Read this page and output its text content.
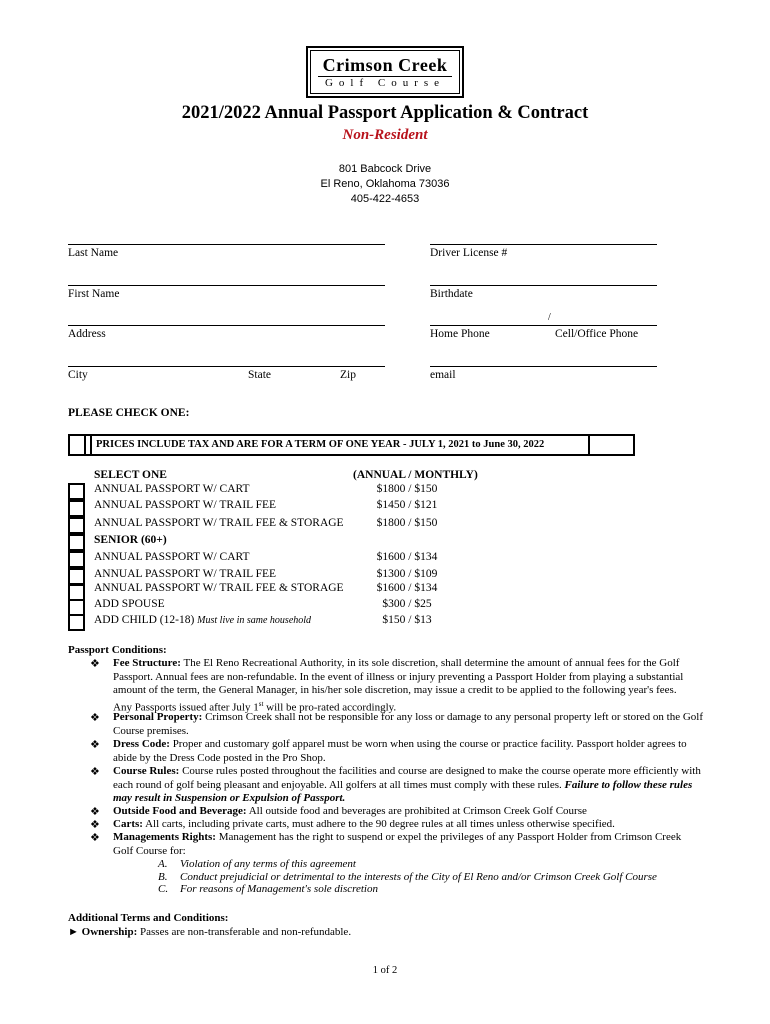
Crimson Creek
Golf Course
2021/2022 Annual Passport Application & Contract
Non-Resident
801 Babcock Drive
El Reno, Oklahoma 73036
405-422-4653
Last Name	Driver License #
First Name	Birthdate
/
Address	Home Phone	Cell/Office Phone
City	State	Zip	email
PLEASE CHECK ONE:
PRICES INCLUDE TAX AND ARE FOR A TERM OF ONE YEAR - JULY 1, 2021 to June 30, 2022
SELECT ONE	(ANNUAL / MONTHLY)
ANNUAL PASSPORT W/ CART	$1800 / $150
ANNUAL PASSPORT W/ TRAIL FEE	$1450 / $121
ANNUAL PASSPORT W/ TRAIL FEE & STORAGE	$1800 / $150
SENIOR (60+)
ANNUAL PASSPORT W/ CART	$1600 / $134
ANNUAL PASSPORT W/ TRAIL FEE	$1300 / $109
ANNUAL PASSPORT W/ TRAIL FEE & STORAGE	$1600 / $134
ADD SPOUSE	$300 / $25
ADD CHILD (12-18) Must live in same household	$150 / $13
Passport Conditions:
❖ Fee Structure: The El Reno Recreational Authority, in its sole discretion, shall determine the amount of annual fees for the Golf Passport. Annual fees are non-refundable. In the event of illness or injury preventing a Passport Holder from playing a substantial amount of the term, the General Manager, in his/her sole discretion, may issue a credit to be applied to the following year's fees.
Any Passports issued after July 1st will be pro-rated accordingly.
❖ Personal Property: Crimson Creek shall not be responsible for any loss or damage to any personal property left or stored on the Golf Course premises.
❖ Dress Code: Proper and customary golf apparel must be worn when using the course or practice facility. Passport holder agrees to abide by the Dress Code posted in the Pro Shop.
❖ Course Rules: Course rules posted throughout the facilities and course are designed to make the course operate more efficiently with each round of golf being pleasant and enjoyable. All golfers at all times must comply with these rules. Failure to follow these rules may result in Suspension or Expulsion of Passport.
❖ Outside Food and Beverage: All outside food and beverages are prohibited at Crimson Creek Golf Course
❖ Carts: All carts, including private carts, must adhere to the 90 degree rules at all times unless otherwise specified.
❖ Managements Rights: Management has the right to suspend or expel the privileges of any Passport Holder from Crimson Creek Golf Course for:
A. Violation of any terms of this agreement
B. Conduct prejudicial or detrimental to the interests of the City of El Reno and/or Crimson Creek Golf Course
C. For reasons of Management's sole discretion
Additional Terms and Conditions:
► Ownership: Passes are non-transferable and non-refundable.
1 of 2
